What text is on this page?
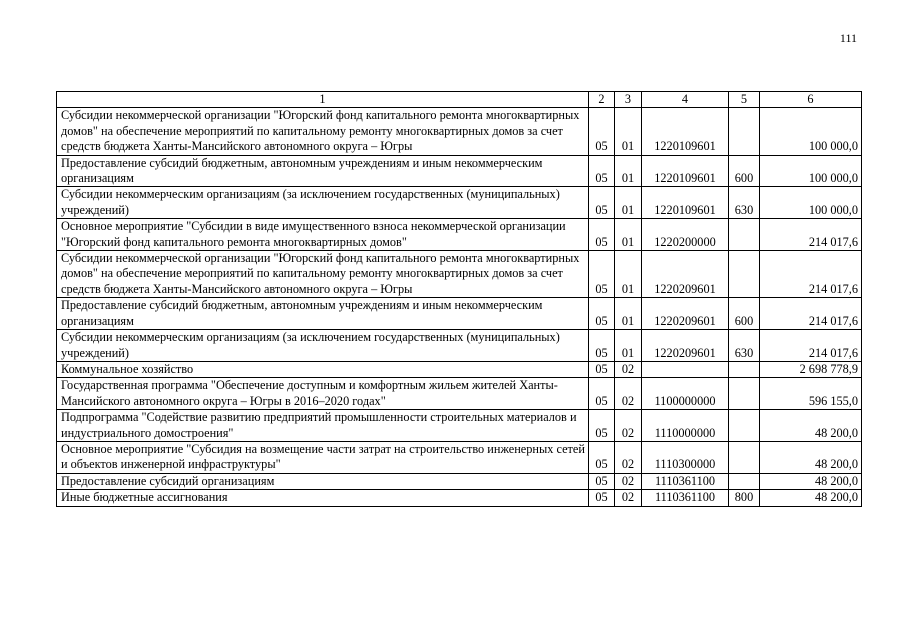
111
1	2	3	4	5	6
Субсидии некоммерческой организации "Югорский фонд капитального ремонта многоквартирных домов" на обеспечение мероприятий по капитальному ремонту многоквартирных домов за счет средств бюджета Ханты-Мансийского автономного округа – Югры	05	01	1220109601		100 000,0
Предоставление субсидий бюджетным, автономным учреждениям и иным некоммерческим организациям	05	01	1220109601	600	100 000,0
Субсидии некоммерческим организациям (за исключением государственных (муниципальных) учреждений)	05	01	1220109601	630	100 000,0
Основное мероприятие "Субсидии в виде имущественного взноса некоммерческой организации "Югорский фонд капитального ремонта многоквартирных домов"	05	01	1220200000		214 017,6
Субсидии некоммерческой организации "Югорский фонд капитального ремонта многоквартирных домов" на обеспечение мероприятий по капитальному ремонту многоквартирных домов за счет средств бюджета Ханты-Мансийского автономного округа – Югры	05	01	1220209601		214 017,6
Предоставление субсидий бюджетным, автономным учреждениям и иным некоммерческим организациям	05	01	1220209601	600	214 017,6
Субсидии некоммерческим организациям (за исключением государственных (муниципальных) учреждений)	05	01	1220209601	630	214 017,6
Коммунальное хозяйство	05	02			2 698 778,9
Государственная программа "Обеспечение доступным и комфортным жильем жителей Ханты-Мансийского автономного округа – Югры в 2016–2020 годах"	05	02	1100000000		596 155,0
Подпрограмма "Содействие развитию предприятий промышленности строительных материалов и индустриального домостроения"	05	02	1110000000		48 200,0
Основное мероприятие "Субсидия на возмещение части затрат на строительство инженерных сетей и объектов инженерной инфраструктуры"	05	02	1110300000		48 200,0
Предоставление субсидий организациям	05	02	1110361100		48 200,0
Иные бюджетные ассигнования	05	02	1110361100	800	48 200,0
